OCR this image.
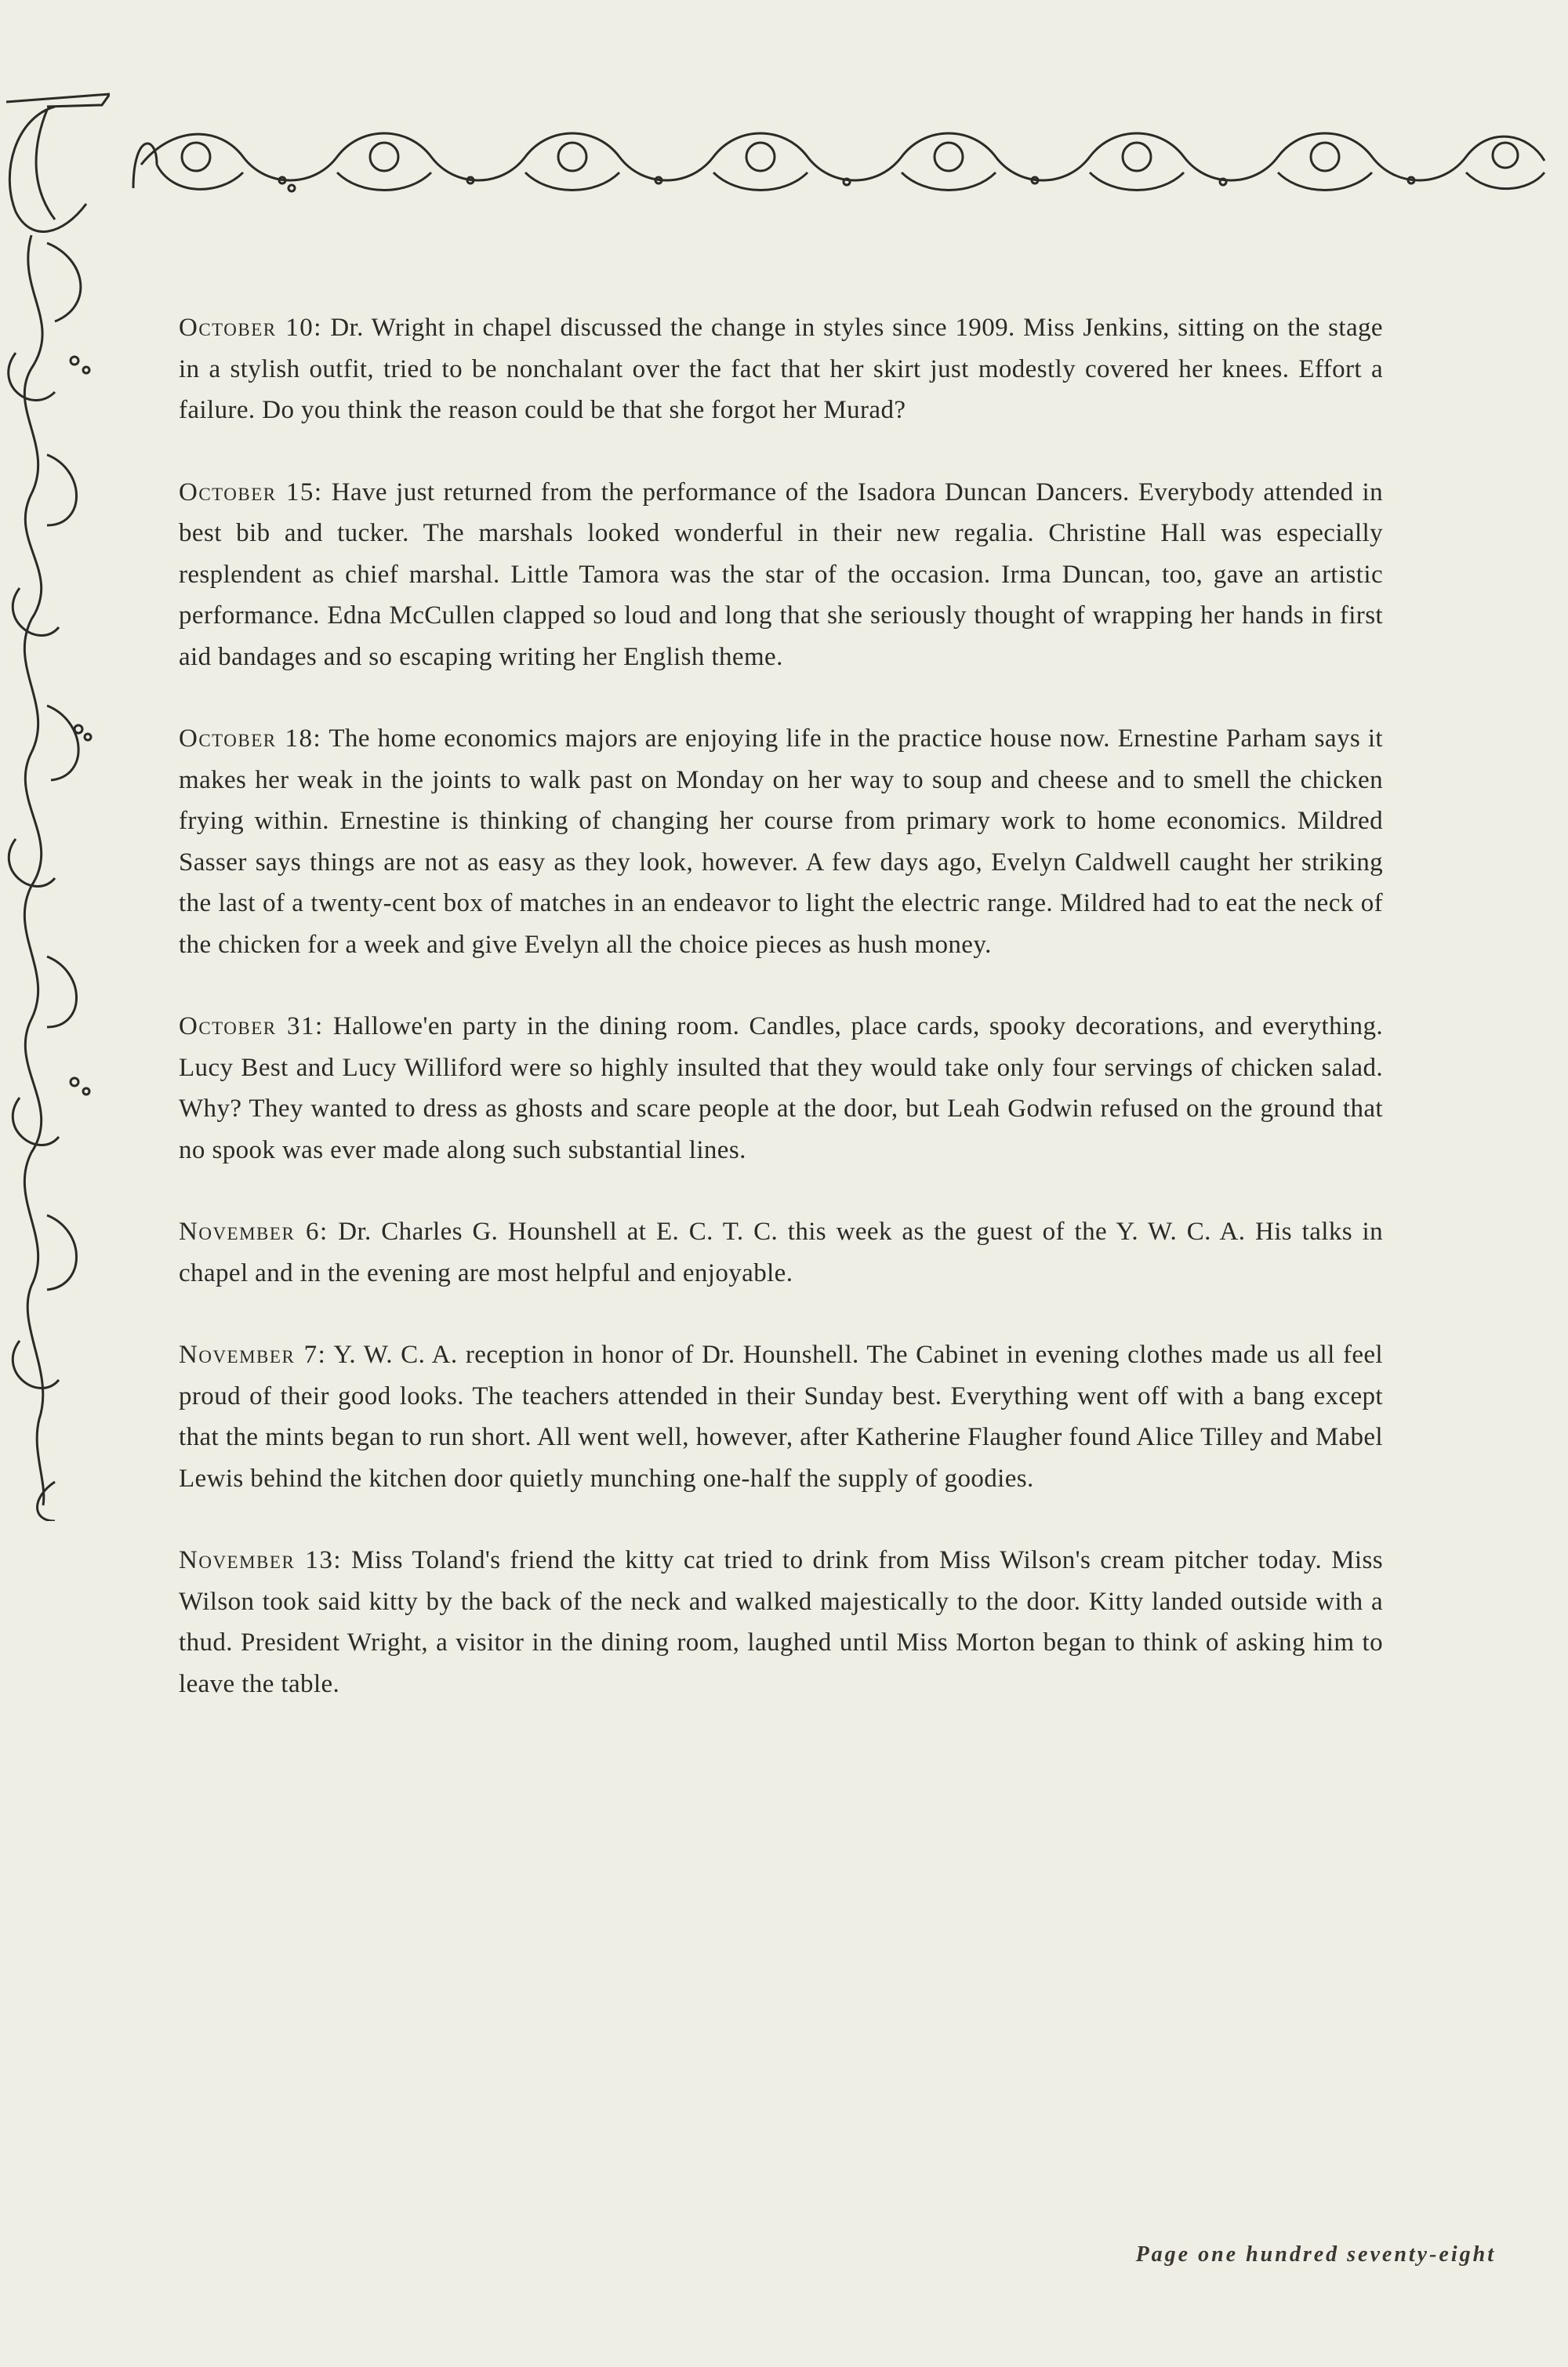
October 10: Dr. Wright in chapel discussed the change in styles since 1909. Miss Jenkins, sitting on the stage in a stylish outfit, tried to be nonchalant over the fact that her skirt just modestly covered her knees. Effort a failure. Do you think the reason could be that she forgot her Murad?

October 15: Have just returned from the performance of the Isadora Duncan Dancers. Everybody attended in best bib and tucker. The marshals looked wonderful in their new regalia. Christine Hall was especially resplendent as chief marshal. Little Tamora was the star of the occasion. Irma Duncan, too, gave an artistic performance. Edna McCullen clapped so loud and long that she seriously thought of wrapping her hands in first aid bandages and so escaping writing her English theme.

October 18: The home economics majors are enjoying life in the practice house now. Ernestine Parham says it makes her weak in the joints to walk past on Monday on her way to soup and cheese and to smell the chicken frying within. Ernestine is thinking of changing her course from primary work to home economics. Mildred Sasser says things are not as easy as they look, however. A few days ago, Evelyn Caldwell caught her striking the last of a twenty-cent box of matches in an endeavor to light the electric range. Mildred had to eat the neck of the chicken for a week and give Evelyn all the choice pieces as hush money.

October 31: Hallowe'en party in the dining room. Candles, place cards, spooky decorations, and everything. Lucy Best and Lucy Williford were so highly insulted that they would take only four servings of chicken salad. Why? They wanted to dress as ghosts and scare people at the door, but Leah Godwin refused on the ground that no spook was ever made along such substantial lines.

November 6: Dr. Charles G. Hounshell at E. C. T. C. this week as the guest of the Y. W. C. A. His talks in chapel and in the evening are most helpful and enjoyable.

November 7: Y. W. C. A. reception in honor of Dr. Hounshell. The Cabinet in evening clothes made us all feel proud of their good looks. The teachers attended in their Sunday best. Everything went off with a bang except that the mints began to run short. All went well, however, after Katherine Flaugher found Alice Tilley and Mabel Lewis behind the kitchen door quietly munching one-half the supply of goodies.

November 13: Miss Toland's friend the kitty cat tried to drink from Miss Wilson's cream pitcher today. Miss Wilson took said kitty by the back of the neck and walked majestically to the door. Kitty landed outside with a thud. President Wright, a visitor in the dining room, laughed until Miss Morton began to think of asking him to leave the table.

Page one hundred seventy-eight
